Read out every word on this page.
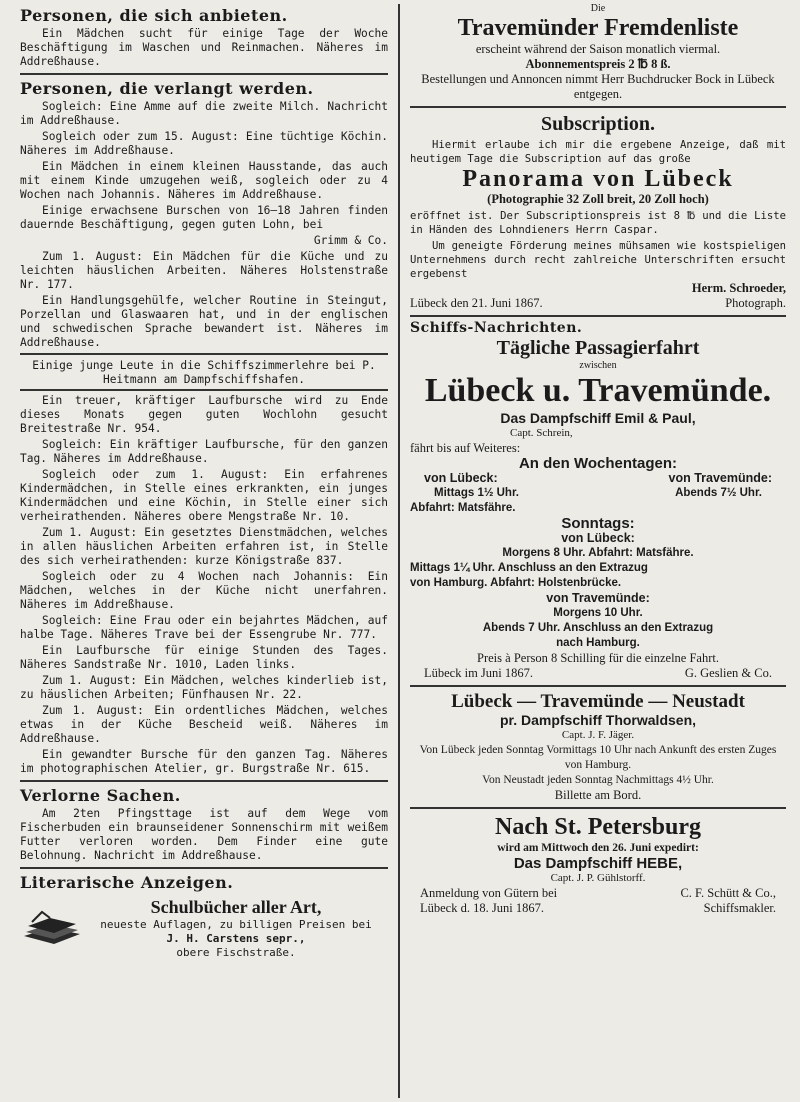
Personen, die sich anbieten.
Ein Mädchen sucht für einige Tage der Woche Beschäftigung im Waschen und Reinmachen. Näheres im Addreßhause.
Personen, die verlangt werden.
Sogleich: Eine Amme auf die zweite Milch. Nachricht im Addreßhause.
Sogleich oder zum 15. August: Eine tüchtige Köchin. Näheres im Addreßhause.
Ein Mädchen in einem kleinen Hausstande, das auch mit einem Kinde umzugehen weiß, sogleich oder zu 4 Wochen nach Johannis. Näheres im Addreßhause.
Einige erwachsene Burschen von 16—18 Jahren finden dauernde Beschäftigung, gegen guten Lohn, bei
Grimm & Co.
Zum 1. August: Ein Mädchen für die Küche und zu leichten häuslichen Arbeiten. Näheres Holstenstraße Nr. 177.
Ein Handlungsgehülfe, welcher Routine in Steingut, Porzellan und Glaswaaren hat, und in der englischen und schwedischen Sprache bewandert ist. Näheres im Addreßhause.
Einige junge Leute in die Schiffszimmerlehre bei P. Heitmann am Dampfschiffshafen.
Ein treuer, kräftiger Laufbursche wird zu Ende dieses Monats gegen guten Wochlohn gesucht Breitestraße Nr. 954.
Sogleich: Ein kräftiger Laufbursche, für den ganzen Tag. Näheres im Addreßhause.
Sogleich oder zum 1. August: Ein erfahrenes Kindermädchen, in Stelle eines erkrankten, ein junges Kindermädchen und eine Köchin, in Stelle einer sich verheirathenden. Näheres obere Mengstraße Nr. 10.
Zum 1. August: Ein gesetztes Dienstmädchen, welches in allen häuslichen Arbeiten erfahren ist, in Stelle des sich verheirathenden: kurze Königstraße 837.
Sogleich oder zu 4 Wochen nach Johannis: Ein Mädchen, welches in der Küche nicht unerfahren. Näheres im Addreßhause.
Sogleich: Eine Frau oder ein bejahrtes Mädchen, auf halbe Tage. Näheres Trave bei der Essengrube Nr. 777.
Ein Laufbursche für einige Stunden des Tages. Näheres Sandstraße Nr. 1010, Laden links.
Zum 1. August: Ein Mädchen, welches kinderlieb ist, zu häuslichen Arbeiten; Fünfhausen Nr. 22.
Zum 1. August: Ein ordentliches Mädchen, welches etwas in der Küche Bescheid weiß. Näheres im Addreßhause.
Ein gewandter Bursche für den ganzen Tag. Näheres im photographischen Atelier, gr. Burgstraße Nr. 615.
Verlorne Sachen.
Am 2ten Pfingsttage ist auf dem Wege vom Fischerbuden ein braunseidener Sonnenschirm mit weißem Futter verloren worden. Dem Finder eine gute Belohnung. Nachricht im Addreßhause.
Literarische Anzeigen.
Schulbücher aller Art,
neueste Auflagen, zu billigen Preisen bei
J. H. Carstens sepr.,
obere Fischstraße.
Die
Travemünder Fremdenliste
erscheint während der Saison monatlich viermal.
Abonnementspreis 2 ℔ 8 ß.
Bestellungen und Annoncen nimmt Herr Buchdrucker Bock in Lübeck entgegen.
Subscription.
Hiermit erlaube ich mir die ergebene Anzeige, daß mit heutigem Tage die Subscription auf das große
Panorama von Lübeck
(Photographie 32 Zoll breit, 20 Zoll hoch)
eröffnet ist. Der Subscriptionspreis ist 8 ℔ und die Liste in Händen des Lohndieners Herrn Caspar.
Um geneigte Förderung meines mühsamen wie kostspieligen Unternehmens durch recht zahlreiche Unterschriften ersucht ergebenst
Herm. Schroeder,
Lübeck den 21. Juni 1867.	Photograph.
Schiffs-Nachrichten.
Tägliche Passagierfahrt
zwischen
Lübeck u. Travemünde.
Das Dampfschiff Emil & Paul,
Capt. Schrein,
fährt bis auf Weiteres:
An den Wochentagen:
von Lübeck:	von Travemünde:
Mittags 1½ Uhr.	Abends 7½ Uhr.
Abfahrt: Matsfähre.
Sonntags:
von Lübeck:
Morgens 8 Uhr. Abfahrt: Matsfähre.
Mittags 1¼ Uhr. Anschluss an den Extrazug
von Hamburg. Abfahrt: Holstenbrücke.
von Travemünde:
Morgens 10 Uhr.
Abends 7 Uhr. Anschluss an den Extrazug
nach Hamburg.
Preis à Person 8 Schilling für die einzelne Fahrt.
Lübeck im Juni 1867.	G. Geslien & Co.
Lübeck — Travemünde — Neustadt
pr. Dampfschiff Thorwaldsen,
Capt. J. F. Jäger.
Von Lübeck jeden Sonntag Vormittags 10 Uhr nach Ankunft des ersten Zuges von Hamburg.
Von Neustadt jeden Sonntag Nachmittags 4½ Uhr.
Billette am Bord.
Nach St. Petersburg
wird am Mittwoch den 26. Juni expedirt:
Das Dampfschiff HEBE,
Capt. J. P. Gühlstorff.
Anmeldung von Gütern bei	C. F. Schütt & Co.,
Lübeck d. 18. Juni 1867.	Schiffsmakler.
